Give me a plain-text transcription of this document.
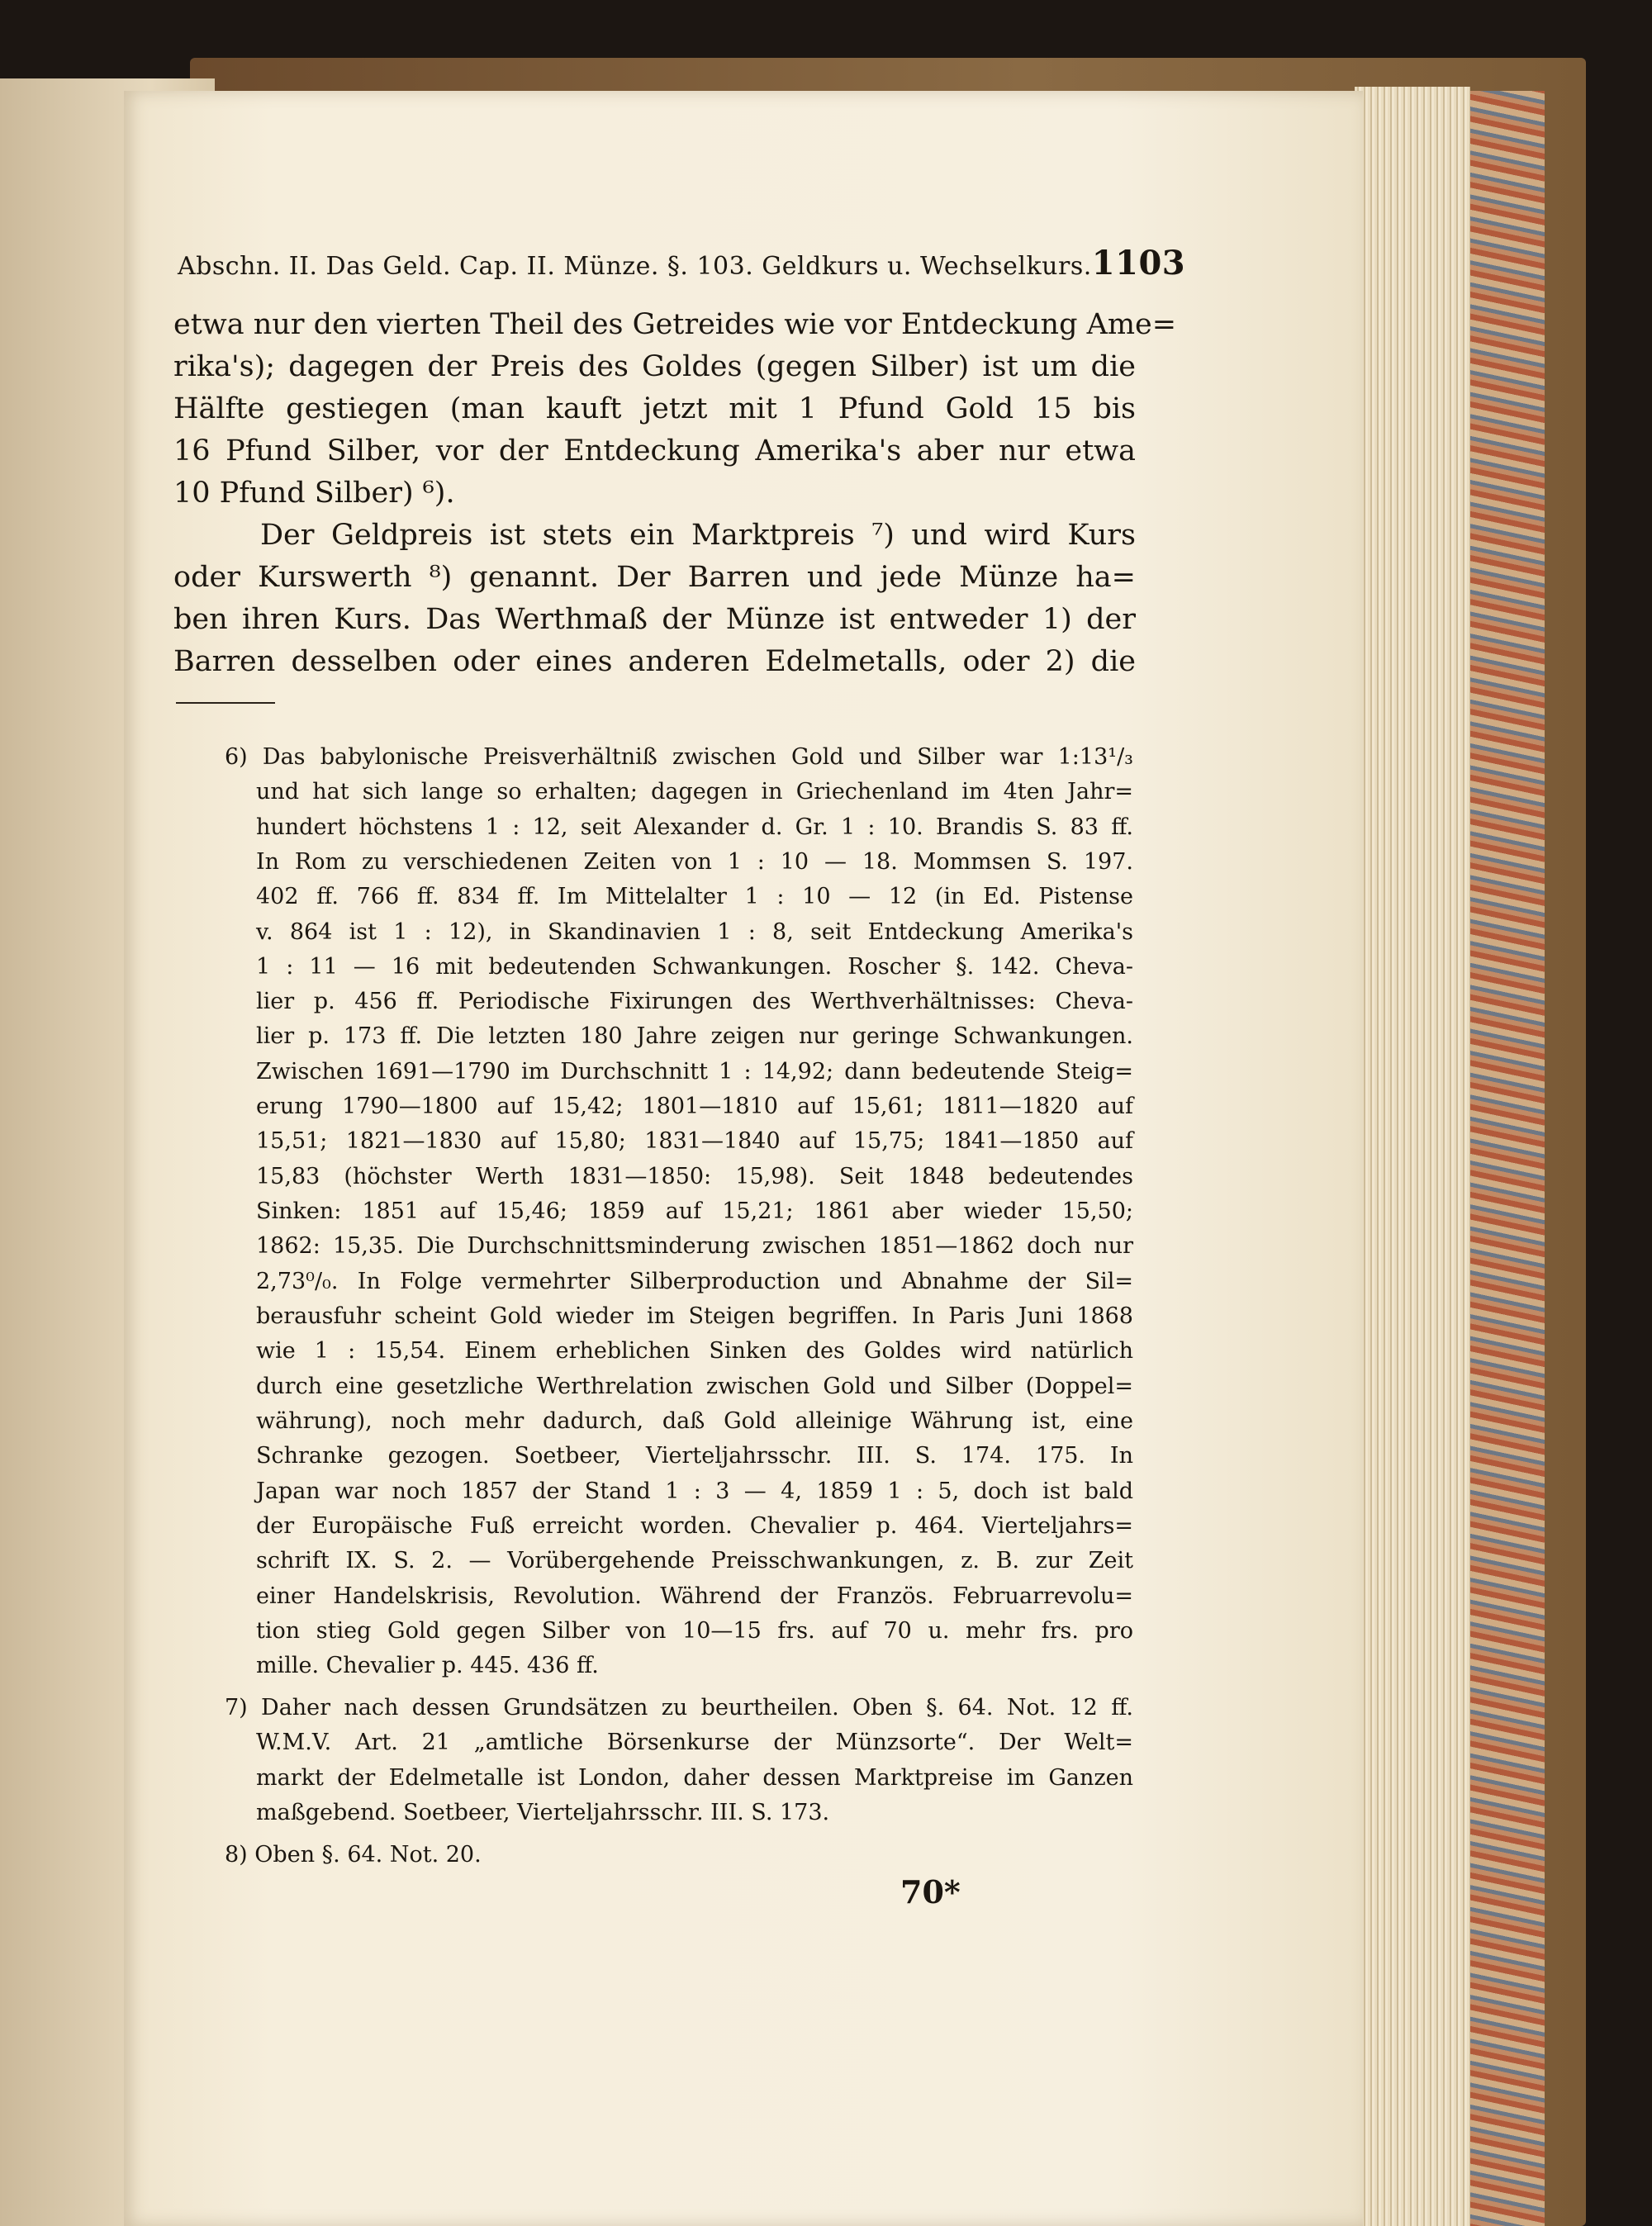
Abschn. II. Das Geld. Cap. II. Münze. §. 103. Geldkurs u. Wechselkurs. 1103
etwa nur den vierten Theil des Getreides wie vor Entdeckung Ame=
rika's); dagegen der Preis des Goldes (gegen Silber) ist um die
Hälfte gestiegen (man kauft jetzt mit 1 Pfund Gold 15 bis
16 Pfund Silber, vor der Entdeckung Amerika's aber nur etwa
10 Pfund Silber) ⁶).
Der Geldpreis ist stets ein Marktpreis ⁷) und wird Kurs
oder Kurswerth ⁸) genannt. Der Barren und jede Münze ha=
ben ihren Kurs. Das Werthmaß der Münze ist entweder 1) der
Barren desselben oder eines anderen Edelmetalls, oder 2) die
6) Das babylonische Preisverhältniß zwischen Gold und Silber war 1:13¹/₃
und hat sich lange so erhalten; dagegen in Griechenland im 4ten Jahr=
hundert höchstens 1 : 12, seit Alexander d. Gr. 1 : 10. Brandis S. 83 ff.
In Rom zu verschiedenen Zeiten von 1 : 10 — 18. Mommsen S. 197.
402 ff. 766 ff. 834 ff. Im Mittelalter 1 : 10 — 12 (in Ed. Pistense
v. 864 ist 1 : 12), in Skandinavien 1 : 8, seit Entdeckung Amerika's
1 : 11 — 16 mit bedeutenden Schwankungen. Roscher §. 142. Cheva-
lier p. 456 ff. Periodische Fixirungen des Werthverhältnisses: Cheva-
lier p. 173 ff. Die letzten 180 Jahre zeigen nur geringe Schwankungen.
Zwischen 1691—1790 im Durchschnitt 1 : 14,92; dann bedeutende Steig=
erung 1790—1800 auf 15,42; 1801—1810 auf 15,61; 1811—1820 auf
15,51; 1821—1830 auf 15,80; 1831—1840 auf 15,75; 1841—1850 auf
15,83 (höchster Werth 1831—1850: 15,98). Seit 1848 bedeutendes
Sinken: 1851 auf 15,46; 1859 auf 15,21; 1861 aber wieder 15,50;
1862: 15,35. Die Durchschnittsminderung zwischen 1851—1862 doch nur
2,73⁰/₀. In Folge vermehrter Silberproduction und Abnahme der Sil=
berausfuhr scheint Gold wieder im Steigen begriffen. In Paris Juni 1868
wie 1 : 15,54. Einem erheblichen Sinken des Goldes wird natürlich
durch eine gesetzliche Werthrelation zwischen Gold und Silber (Doppel=
währung), noch mehr dadurch, daß Gold alleinige Währung ist, eine
Schranke gezogen. Soetbeer, Vierteljahrsschr. III. S. 174. 175. In
Japan war noch 1857 der Stand 1 : 3 — 4, 1859 1 : 5, doch ist bald
der Europäische Fuß erreicht worden. Chevalier p. 464. Vierteljahrs=
schrift IX. S. 2. — Vorübergehende Preisschwankungen, z. B. zur Zeit
einer Handelskrisis, Revolution. Während der Französ. Februarrevolu=
tion stieg Gold gegen Silber von 10—15 frs. auf 70 u. mehr frs. pro
mille. Chevalier p. 445. 436 ff.
7) Daher nach dessen Grundsätzen zu beurtheilen. Oben §. 64. Not. 12 ff.
W.M.V. Art. 21 „amtliche Börsenkurse der Münzsorte“. Der Welt=
markt der Edelmetalle ist London, daher dessen Marktpreise im Ganzen
maßgebend. Soetbeer, Vierteljahrsschr. III. S. 173.
8) Oben §. 64. Not. 20.
70*
